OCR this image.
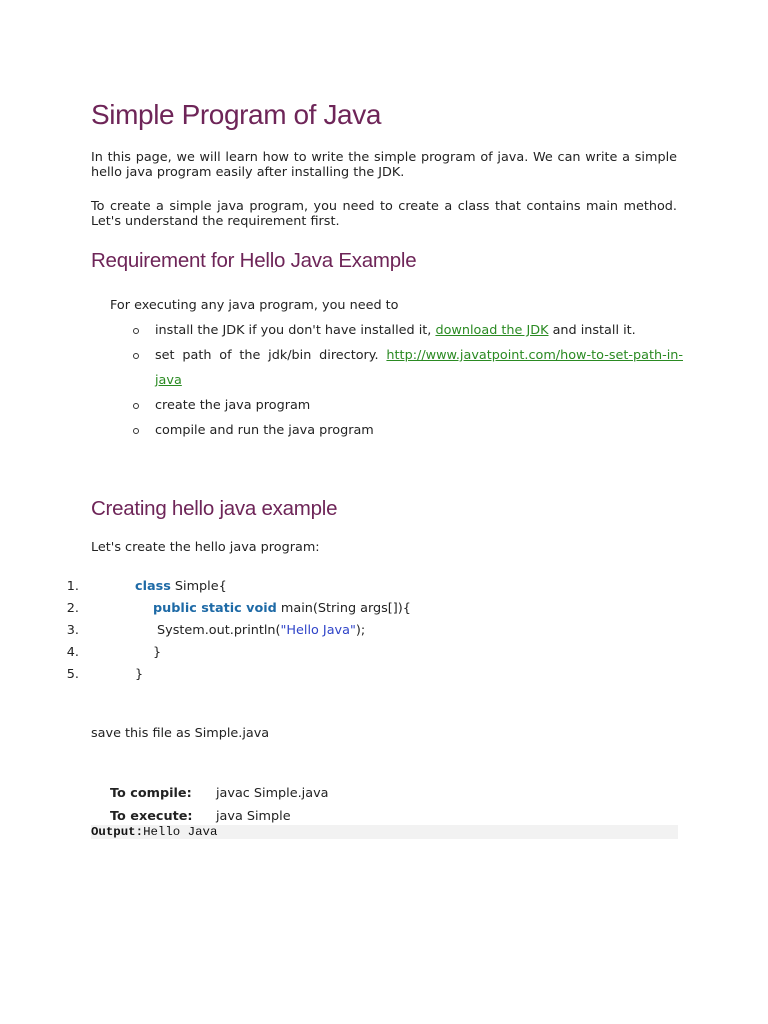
Simple Program of Java
In this page, we will learn how to write the simple program of java. We can write a simple
hello java program easily after installing the JDK.
To create a simple java program, you need to create a class that contains main method.
Let's understand the requirement first.
Requirement for Hello Java Example
For executing any java program, you need to
install the JDK if you don't have installed it, download the JDK and install it.
set path of the jdk/bin directory. http://www.javatpoint.com/how-to-set-path-in-
java
create the java program
compile and run the java program
Creating hello java example
Let's create the hello java program:
1.	class Simple{
2.	public static void main(String args[]){
3.	System.out.println("Hello Java");
4.	}
5.	}
save this file as Simple.java
To compile: javac Simple.java
To execute: java Simple
Output:Hello Java
